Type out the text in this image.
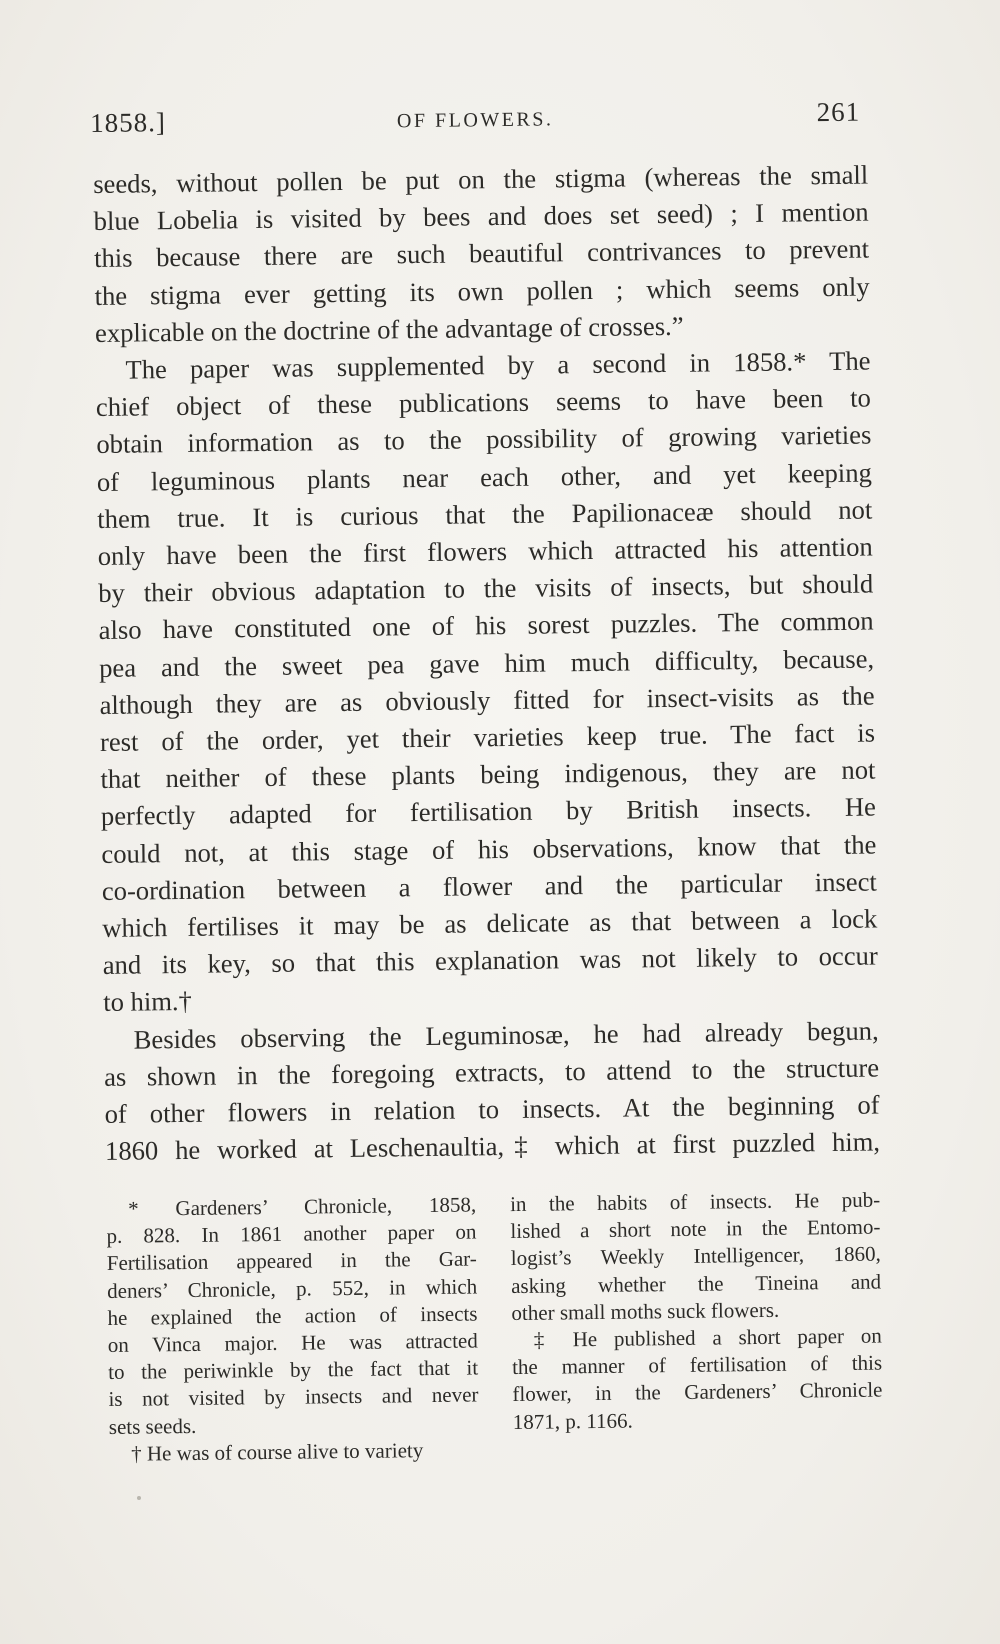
1858.]	OF FLOWERS.	261
seeds, without pollen be put on the stigma (whereas the small
blue Lobelia is visited by bees and does set seed) ; I mention
this because there are such beautiful contrivances to prevent
the stigma ever getting its own pollen ; which seems only
explicable on the doctrine of the advantage of crosses.”
The paper was supplemented by a second in 1858.* The
chief object of these publications seems to have been to
obtain information as to the possibility of growing varieties
of leguminous plants near each other, and yet keeping
them true. It is curious that the Papilionaceæ should not
only have been the first flowers which attracted his attention
by their obvious adaptation to the visits of insects, but should
also have constituted one of his sorest puzzles. The common
pea and the sweet pea gave him much difficulty, because,
although they are as obviously fitted for insect-visits as the
rest of the order, yet their varieties keep true. The fact is
that neither of these plants being indigenous, they are not
perfectly adapted for fertilisation by British insects. He
could not, at this stage of his observations, know that the
co-ordination between a flower and the particular insect
which fertilises it may be as delicate as that between a lock
and its key, so that this explanation was not likely to occur
to him.†
Besides observing the Leguminosæ, he had already begun,
as shown in the foregoing extracts, to attend to the structure
of other flowers in relation to insects. At the beginning of
1860 he worked at Leschenaultia,‡ which at first puzzled him,
* Gardeners’ Chronicle, 1858,
p. 828. In 1861 another paper on
Fertilisation appeared in the Gar-
deners’ Chronicle, p. 552, in which
he explained the action of insects
on Vinca major. He was attracted
to the periwinkle by the fact that it
is not visited by insects and never
sets seeds.
† He was of course alive to variety
in the habits of insects. He pub-
lished a short note in the Entomo-
logist’s Weekly Intelligencer, 1860,
asking whether the Tineina and
other small moths suck flowers.
‡ He published a short paper on
the manner of fertilisation of this
flower, in the Gardeners’ Chronicle
1871, p. 1166.
